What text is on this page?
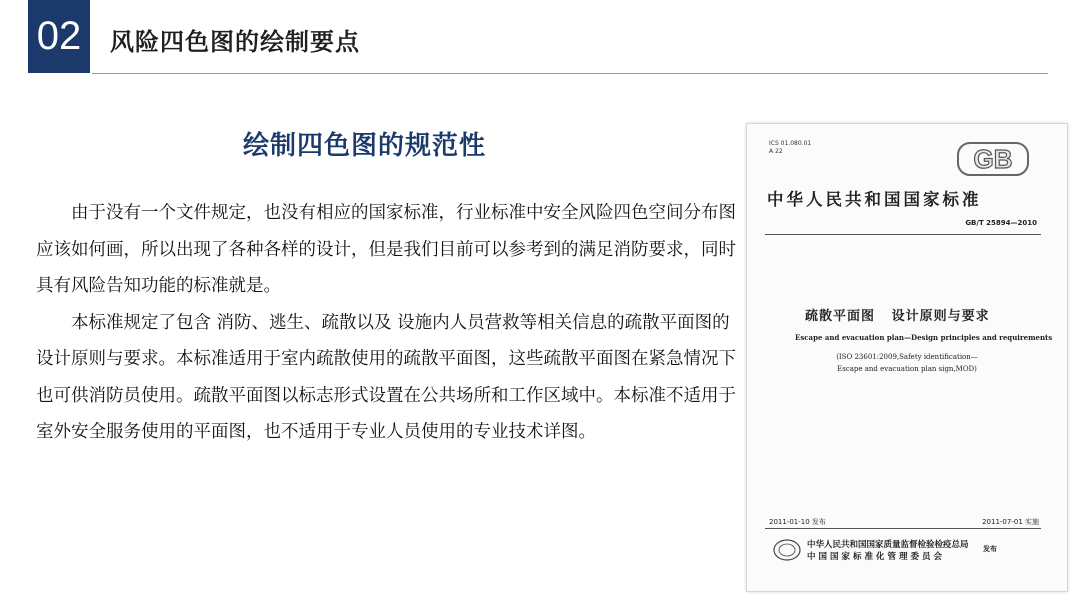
02	风险四色图的绘制要点
绘制四色图的规范性

由于没有一个文件规定，也没有相应的国家标准，行业标准中安全风险四色空间分布图应该如何画，所以出现了各种各样的设计，但是我们目前可以参考到的满足消防要求，同时具有风险告知功能的标准就是。

本标准规定了包含 消防、逃生、疏散以及 设施内人员营救等相关信息的疏散平面图的设计原则与要求。本标准适用于室内疏散使用的疏散平面图，这些疏散平面图在紧急情况下也可供消防员使用。疏散平面图以标志形式设置在公共场所和工作区域中。本标准不适用于室外安全服务使用的平面图，也不适用于专业人员使用的专业技术详图。

ICS 01.080.01
A 22	GB
中华人民共和国国家标准
GB/T 25894—2010
疏散平面图   设计原则与要求
Escape and evacuation plan—Design principles and requirements
(ISO 23601:2009,Safety identification—
Escape and evacuation plan sign,MOD)
2011-01-10 发布	2011-07-01 实施
中华人民共和国国家质量监督检验检疫总局
中国国家标准化管理委员会
发布
